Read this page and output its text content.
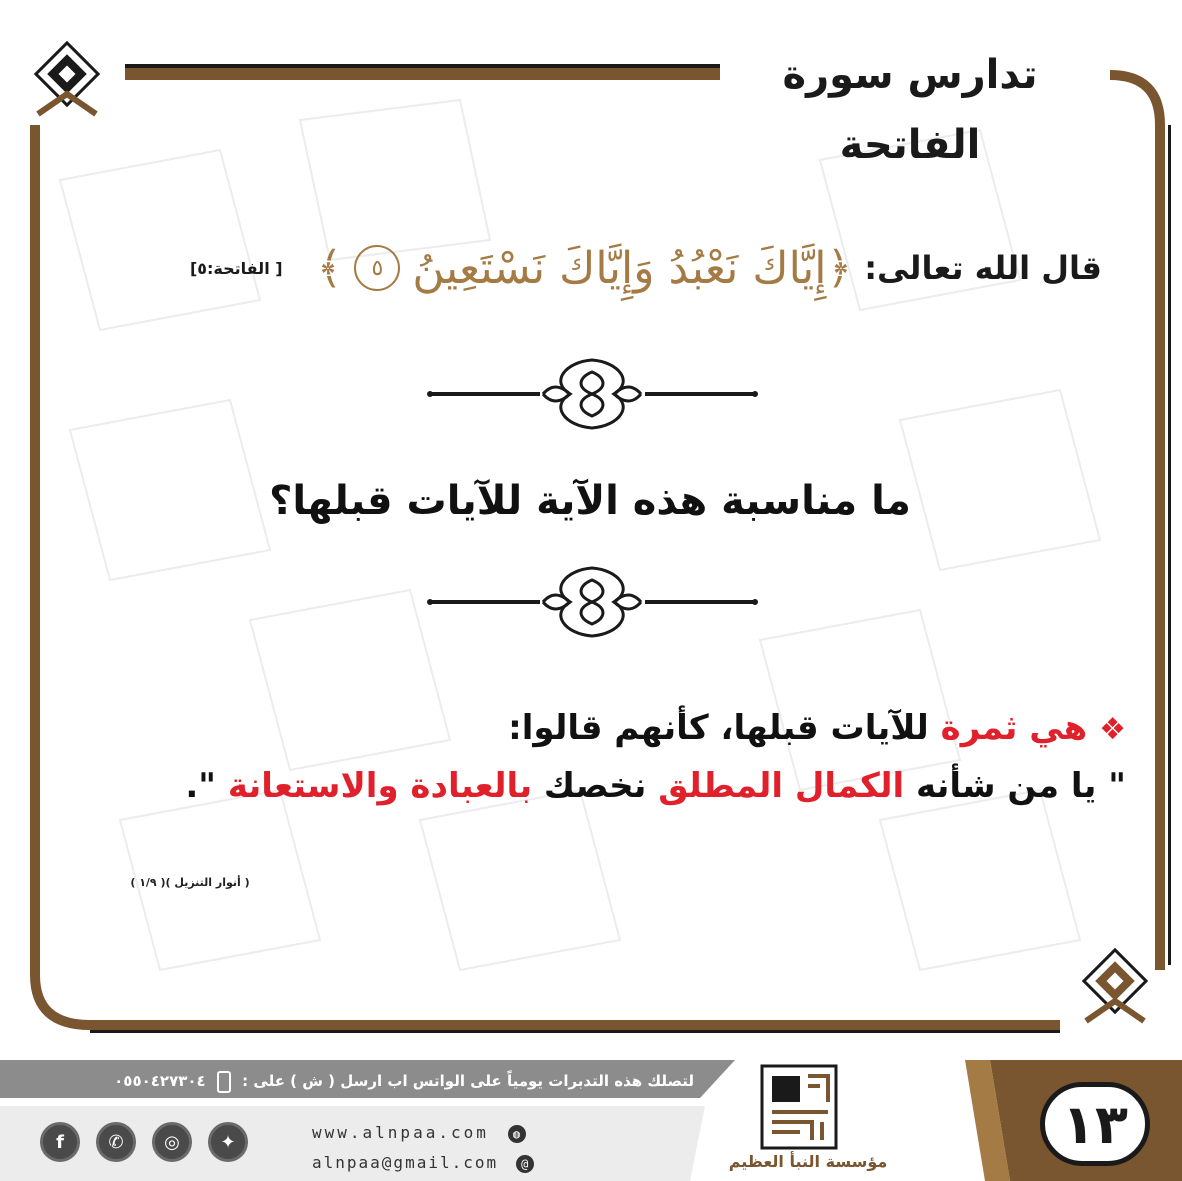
تدارس سورة الفاتحة
قال الله تعالى:
﴿إِيَّاكَ نَعْبُدُ وَإِيَّاكَ نَسْتَعِينُ
٥
﴾
[ الفاتحة:٥]
ما مناسبة هذه الآية للآيات قبلها؟
❖ هي ثمرة للآيات قبلها، كأنهم قالوا:
" يا من شأنه الكمال المطلق نخصك بالعبادة والاستعانة ".
( أنوار التنزيل )( ١/٩ )
لتصلك هذه التدبرات يومياً على الواتس اب ارسل ( ش ) على :  ٠٥٥٠٤٢٧٣٠٤
f	✆	◎	✦	www.alnpaa.com ◍
alnpaa@gmail.com @	مؤسسة النبأ العظيم
١٣
